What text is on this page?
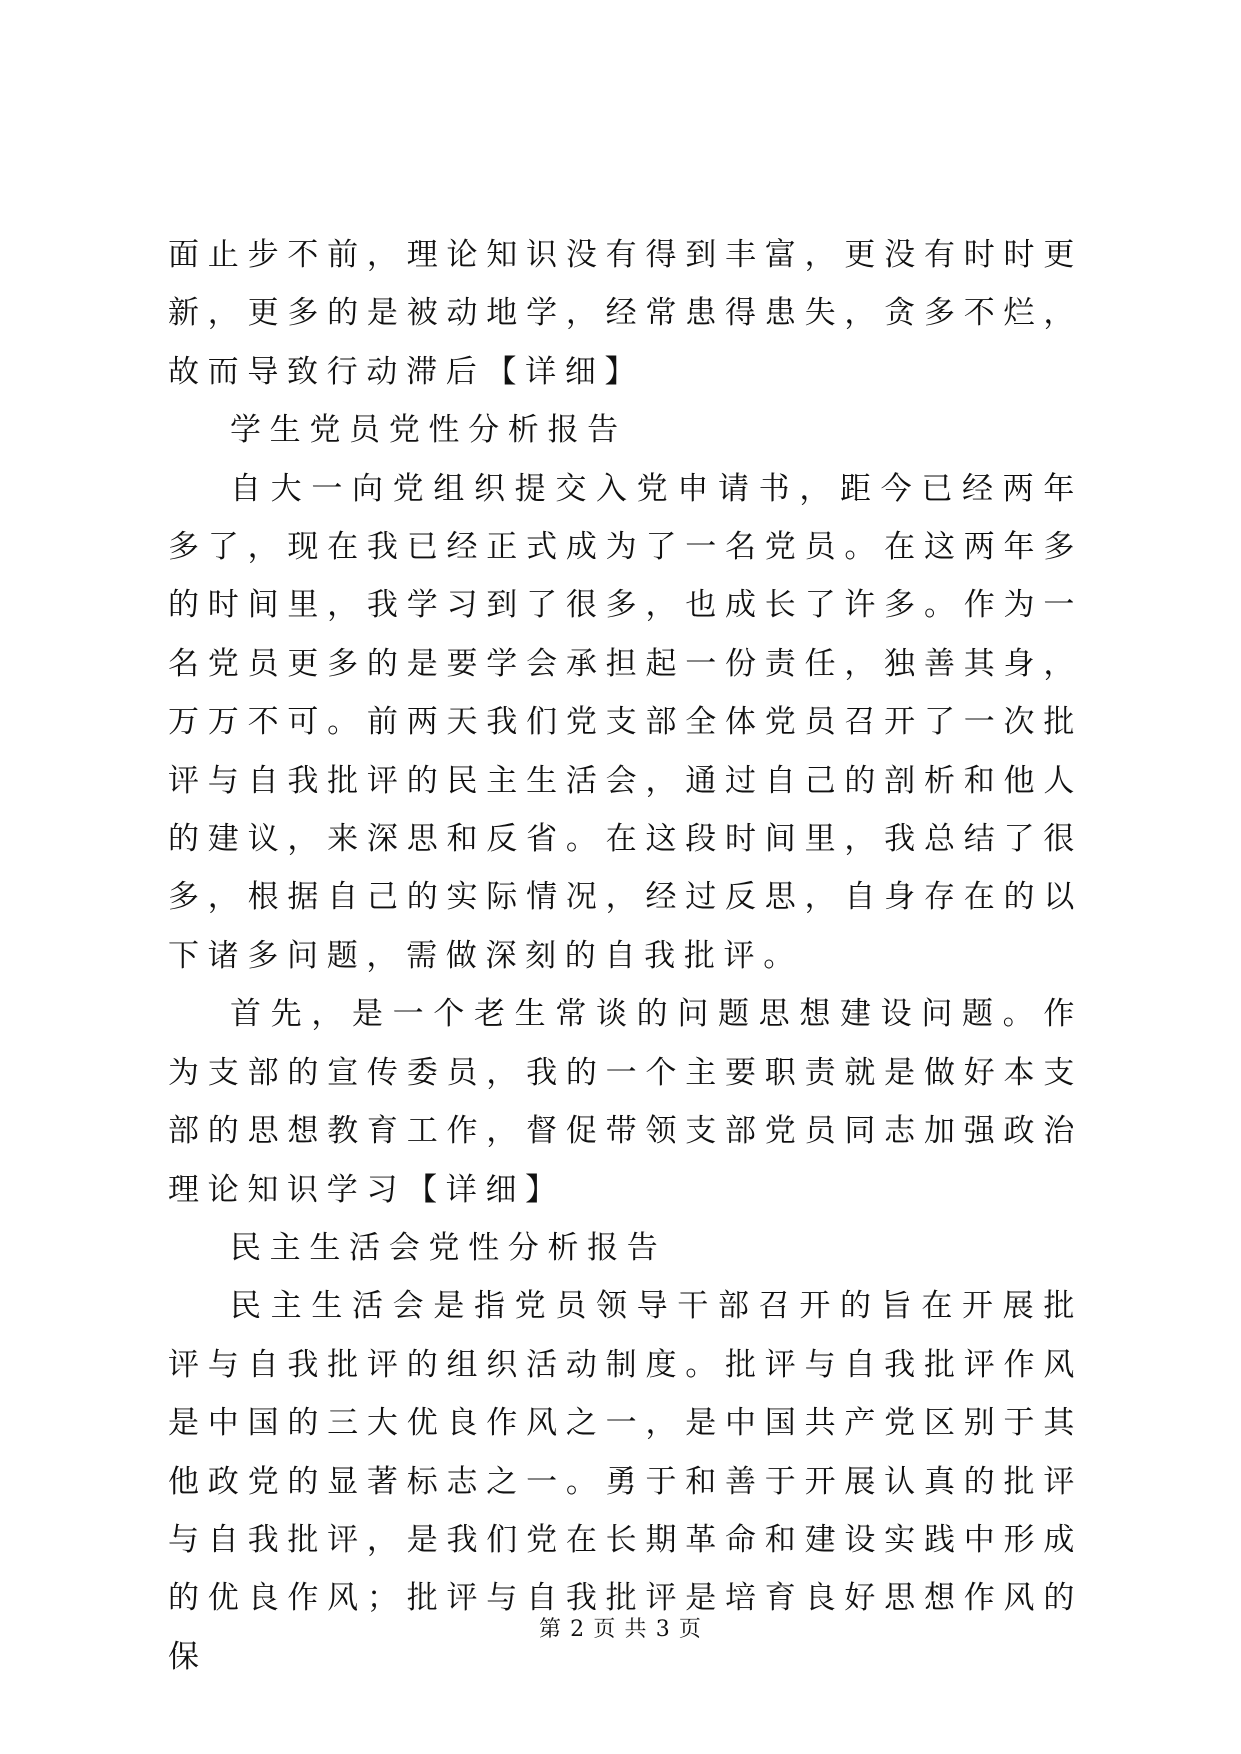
面止步不前，理论知识没有得到丰富，更没有时时更新，更多的是被动地学，经常患得患失，贪多不烂，故而导致行动滞后【详细】

学生党员党性分析报告

自大一向党组织提交入党申请书，距今已经两年多了，现在我已经正式成为了一名党员。在这两年多的时间里，我学习到了很多，也成长了许多。作为一名党员更多的是要学会承担起一份责任，独善其身，万万不可。前两天我们党支部全体党员召开了一次批评与自我批评的民主生活会，通过自己的剖析和他人的建议，来深思和反省。在这段时间里，我总结了很多，根据自己的实际情况，经过反思，自身存在的以下诸多问题，需做深刻的自我批评。

首先，是一个老生常谈的问题思想建设问题。作为支部的宣传委员，我的一个主要职责就是做好本支部的思想教育工作，督促带领支部党员同志加强政治理论知识学习【详细】

民主生活会党性分析报告

民主生活会是指党员领导干部召开的旨在开展批评与自我批评的组织活动制度。批评与自我批评作风是中国的三大优良作风之一，是中国共产党区别于其他政党的显著标志之一。勇于和善于开展认真的批评与自我批评，是我们党在长期革命和建设实践中形成的优良作风；批评与自我批评是培育良好思想作风的保

第 2 页 共 3 页
